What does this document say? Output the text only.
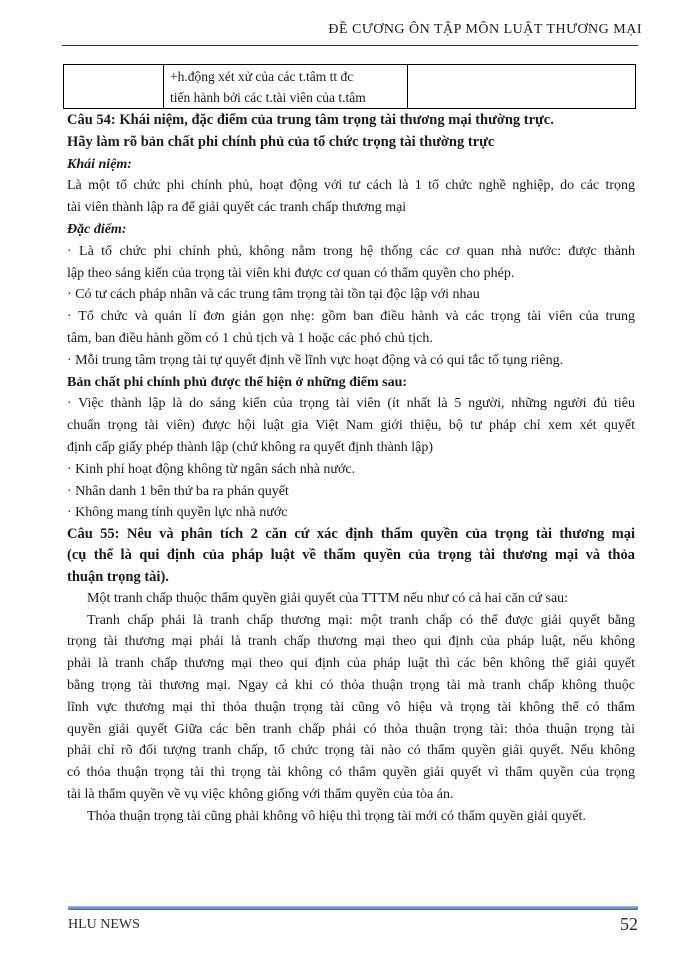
ĐỀ CƯƠNG ÔN TẬP MÔN LUẬT THƯƠNG MẠI

+h.động xét xử của các t.tâm tt đc
tiến hành bởi các t.tài viên của t.tâm

Câu 54: Khái niệm, đặc điểm của trung tâm trọng tài thương mại thường trực.
Hãy làm rõ bản chất phi chính phủ của tổ chức trọng tài thường trực
Khái niệm:
Là một tổ chức phi chính phủ, hoạt động với tư cách là 1 tổ chức nghề nghiệp, do các trọng
tài viên thành lập ra để giải quyết các tranh chấp thương mại
Đặc điểm:
· Là tổ chức phi chính phủ, không nằm trong hệ thống các cơ quan nhà nước: được thành
lập theo sáng kiến của trọng tài viên khi được cơ quan có thẩm quyền cho phép.
· Có tư cách pháp nhân và các trung tâm trọng tài tồn tại độc lập với nhau
· Tổ chức và quản lí đơn giản gọn nhẹ: gồm ban điều hành và các trọng tài viên của trung
tâm, ban điều hành gồm có 1 chủ tịch và 1 hoặc các phó chủ tịch.
· Mỗi trung tâm trọng tài tự quyết định về lĩnh vực hoạt động và có qui tắc tố tụng riêng.
Bản chất phi chính phủ được thể hiện ở những điểm sau:
· Việc thành lập là do sáng kiến của trọng tài viên (ít nhất là 5 người, những người đủ tiêu
chuẩn trọng tài viên) được hội luật gia Việt Nam giới thiệu, bộ tư pháp chỉ xem xét quyết
định cấp giấy phép thành lập (chứ không ra quyết định thành lập)
· Kinh phí hoạt động không từ ngân sách nhà nước.
· Nhân danh 1 bên thứ ba ra phán quyết
· Không mang tính quyền lực nhà nước
Câu 55: Nêu và phân tích 2 căn cứ xác định thẩm quyền của trọng tài thương mại
(cụ thể là qui định của pháp luật về thẩm quyền của trọng tài thương mại và thỏa
thuận trọng tài).
Một tranh chấp thuộc thẩm quyền giải quyết của TTTM nếu như có cả hai căn cứ sau:
Tranh chấp phải là tranh chấp thương mại: một tranh chấp có thể được giải quyết bằng
trọng tài thương mại phải là tranh chấp thương mại theo qui định của pháp luật, nếu không
phải là tranh chấp thương mại theo qui định của pháp luật thì các bên không thể giải quyết
bằng trọng tài thương mại. Ngay cả khi có thỏa thuận trọng tài mà tranh chấp không thuộc
lĩnh vực thương mại thì thỏa thuận trọng tài cũng vô hiệu và trọng tài không thể có thẩm
quyền giải quyết Giữa các bên tranh chấp phải có thỏa thuận trọng tài: thỏa thuận trọng tài
phải chỉ rõ đối tượng tranh chấp, tổ chức trọng tài nào có thẩm quyền giải quyết. Nếu không
có thỏa thuận trọng tài thì trọng tài không có thẩm quyền giải quyết vì thẩm quyền của trọng
tài là thẩm quyền về vụ việc không giống với thẩm quyền của tòa án.
Thỏa thuận trọng tài cũng phải không vô hiệu thì trọng tài mới có thẩm quyền giải quyết.
HLU NEWS	52
